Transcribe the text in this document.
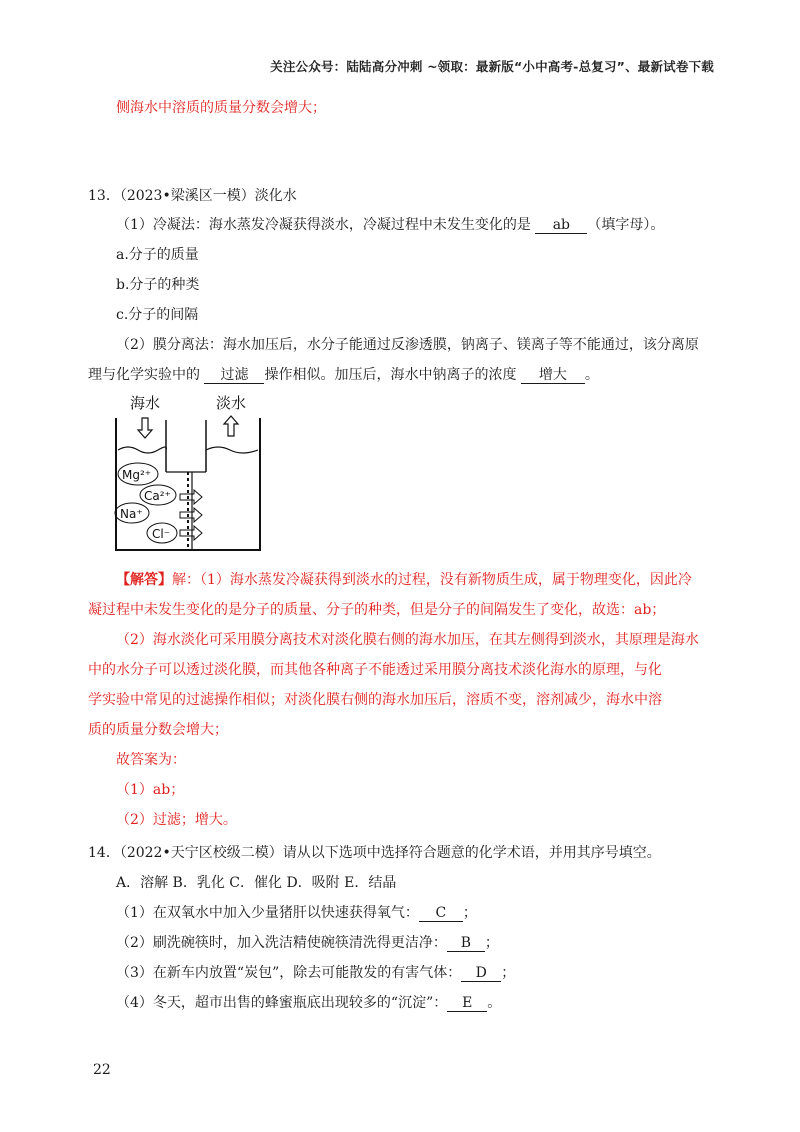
关注公众号：陆陆高分冲刺 ~领取：最新版“小中高考-总复习”、最新试卷下载
侧海水中溶质的质量分数会增大；
13．（2023•梁溪区一模）淡化水
（1）冷凝法：海水蒸发冷凝获得淡水，冷凝过程中未发生变化的是 ab （填字母）。
a.分子的质量
b.分子的种类
c.分子的间隔
（2）膜分离法：海水加压后，水分子能通过反渗透膜，钠离子、镁离子等不能通过，该分离原
理与化学实验中的 过滤 操作相似。加压后，海水中钠离子的浓度 增大 。
海水	淡水
Mg²⁺
Ca²⁺
Na⁺
Cl⁻
【解答】解：（1）海水蒸发冷凝获得到淡水的过程，没有新物质生成，属于物理变化，因此冷
凝过程中未发生变化的是分子的质量、分子的种类，但是分子的间隔发生了变化，故选：ab；
（2）海水淡化可采用膜分离技术对淡化膜右侧的海水加压，在其左侧得到淡水，其原理是海水
中的水分子可以透过淡化膜，而其他各种离子不能透过采用膜分离技术淡化海水的原理，与化
学实验中常见的过滤操作相似；对淡化膜右侧的海水加压后，溶质不变，溶剂减少，海水中溶
质的质量分数会增大；
故答案为：
（1）ab；
（2）过滤；增大。
14．（2022•天宁区校级二模）请从以下选项中选择符合题意的化学术语，并用其序号填空。
A．溶解 B．乳化 C．催化 D．吸附 E．结晶
（1）在双氧水中加入少量猪肝以快速获得氧气： C ；
（2）刷洗碗筷时，加入洗洁精使碗筷清洗得更洁净： B ；
（3）在新车内放置“炭包”，除去可能散发的有害气体： D ；
（4）冬天，超市出售的蜂蜜瓶底出现较多的“沉淀”： E 。
22
